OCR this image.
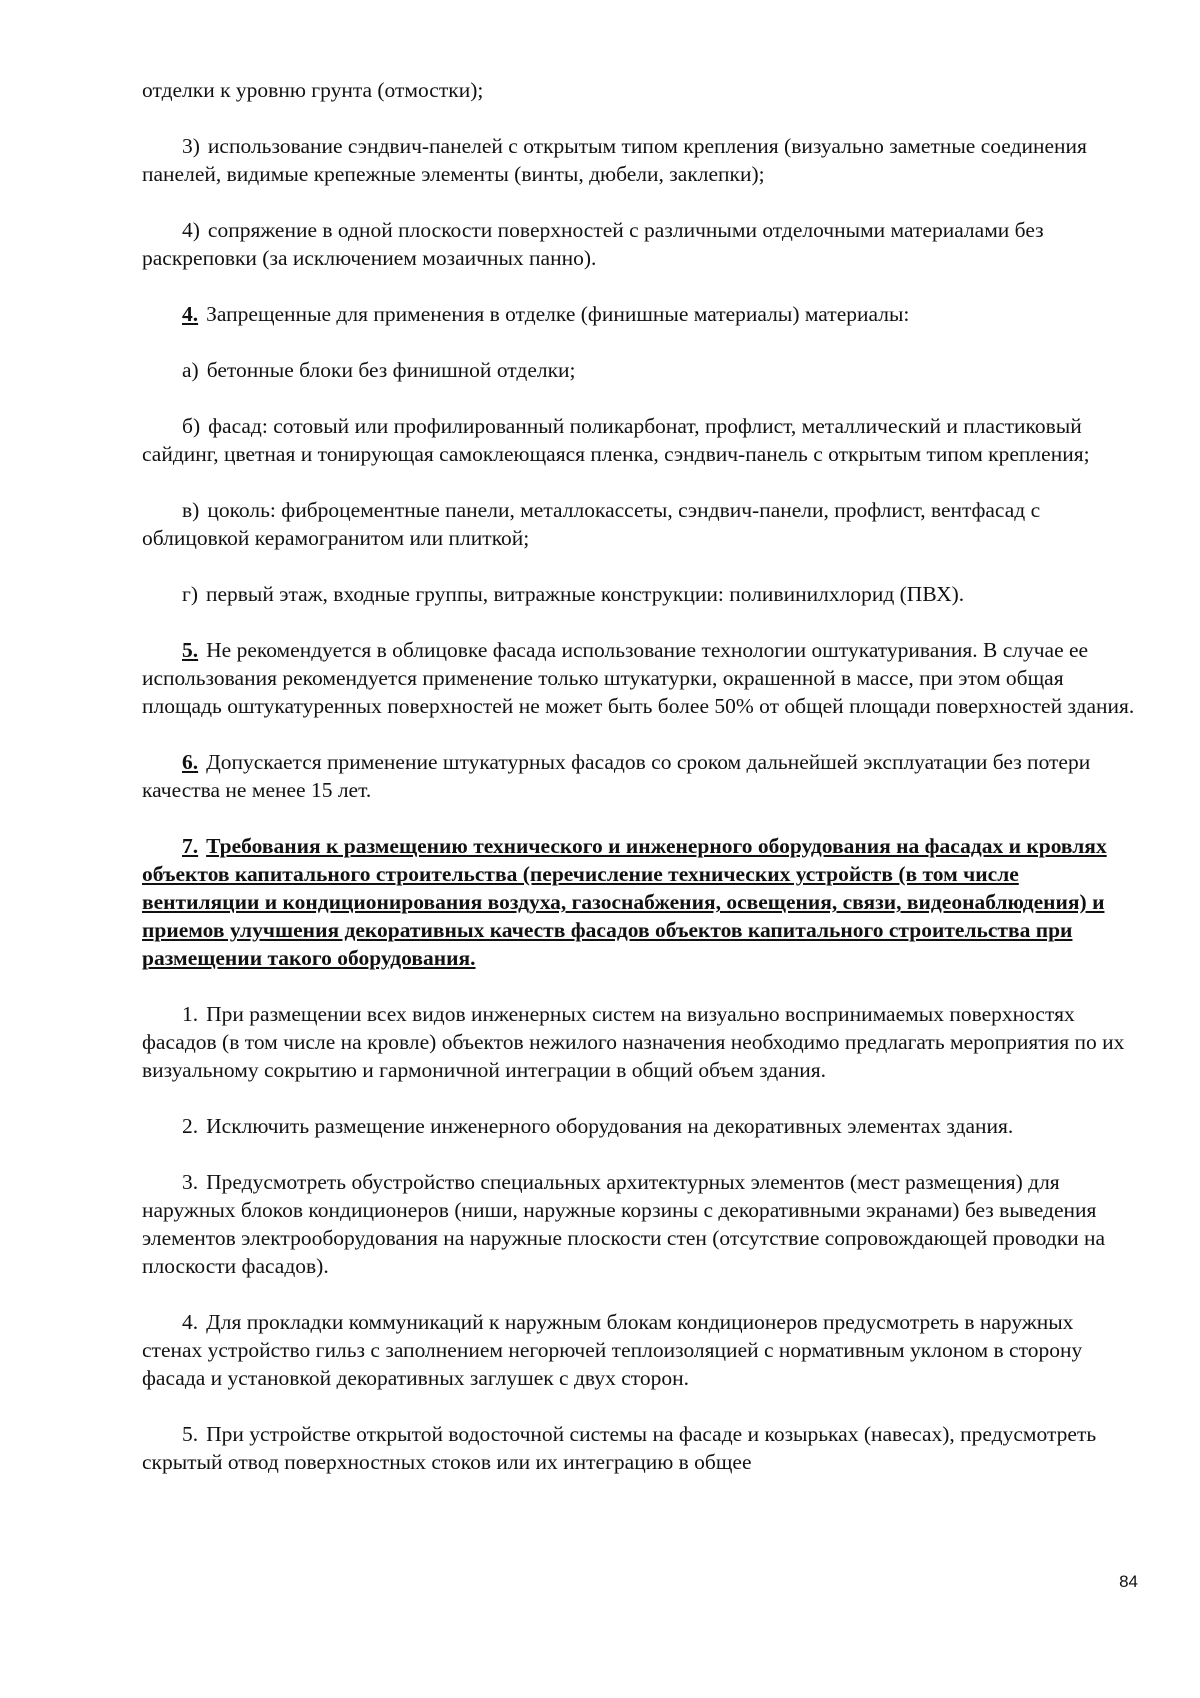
отделки к уровню грунта (отмостки);

3) использование сэндвич-панелей с открытым типом крепления (визуально заметные соединения панелей, видимые крепежные элементы (винты, дюбели, заклепки);

4) сопряжение в одной плоскости поверхностей с различными отделочными материалами без раскреповки (за исключением мозаичных панно).

4. Запрещенные для применения в отделке (финишные материалы) материалы:

а) бетонные блоки без финишной отделки;

б) фасад: сотовый или профилированный поликарбонат, профлист, металлический и пластиковый сайдинг, цветная и тонирующая самоклеющаяся пленка, сэндвич-панель с открытым типом крепления;

в) цоколь: фиброцементные панели, металлокассеты, сэндвич-панели, профлист, вентфасад с облицовкой керамогранитом или плиткой;

г) первый этаж, входные группы, витражные конструкции: поливинилхлорид (ПВХ).

5. Не рекомендуется в облицовке фасада использование технологии оштукатуривания. В случае ее использования рекомендуется применение только штукатурки, окрашенной в массе, при этом общая площадь оштукатуренных поверхностей не может быть более 50% от общей площади поверхностей здания.

6. Допускается применение штукатурных фасадов со сроком дальнейшей эксплуатации без потери качества не менее 15 лет.

7. Требования к размещению технического и инженерного оборудования на фасадах и кровлях объектов капитального строительства (перечисление технических устройств (в том числе вентиляции и кондиционирования воздуха, газоснабжения, освещения, связи, видеонаблюдения) и приемов улучшения декоративных качеств фасадов объектов капитального строительства при размещении такого оборудования.

1. При размещении всех видов инженерных систем на визуально воспринимаемых поверхностях фасадов (в том числе на кровле) объектов нежилого назначения необходимо предлагать мероприятия по их визуальному сокрытию и гармоничной интеграции в общий объем здания.

2. Исключить размещение инженерного оборудования на декоративных элементах здания.

3. Предусмотреть обустройство специальных архитектурных элементов (мест размещения) для наружных блоков кондиционеров (ниши, наружные корзины с декоративными экранами) без выведения элементов электрооборудования на наружные плоскости стен (отсутствие сопровождающей проводки на плоскости фасадов).

4. Для прокладки коммуникаций к наружным блокам кондиционеров предусмотреть в наружных стенах устройство гильз с заполнением негорючей теплоизоляцией с нормативным уклоном в сторону фасада и установкой декоративных заглушек с двух сторон.

5. При устройстве открытой водосточной системы на фасаде и козырьках (навесах), предусмотреть скрытый отвод поверхностных стоков или их интеграцию в общее

84
